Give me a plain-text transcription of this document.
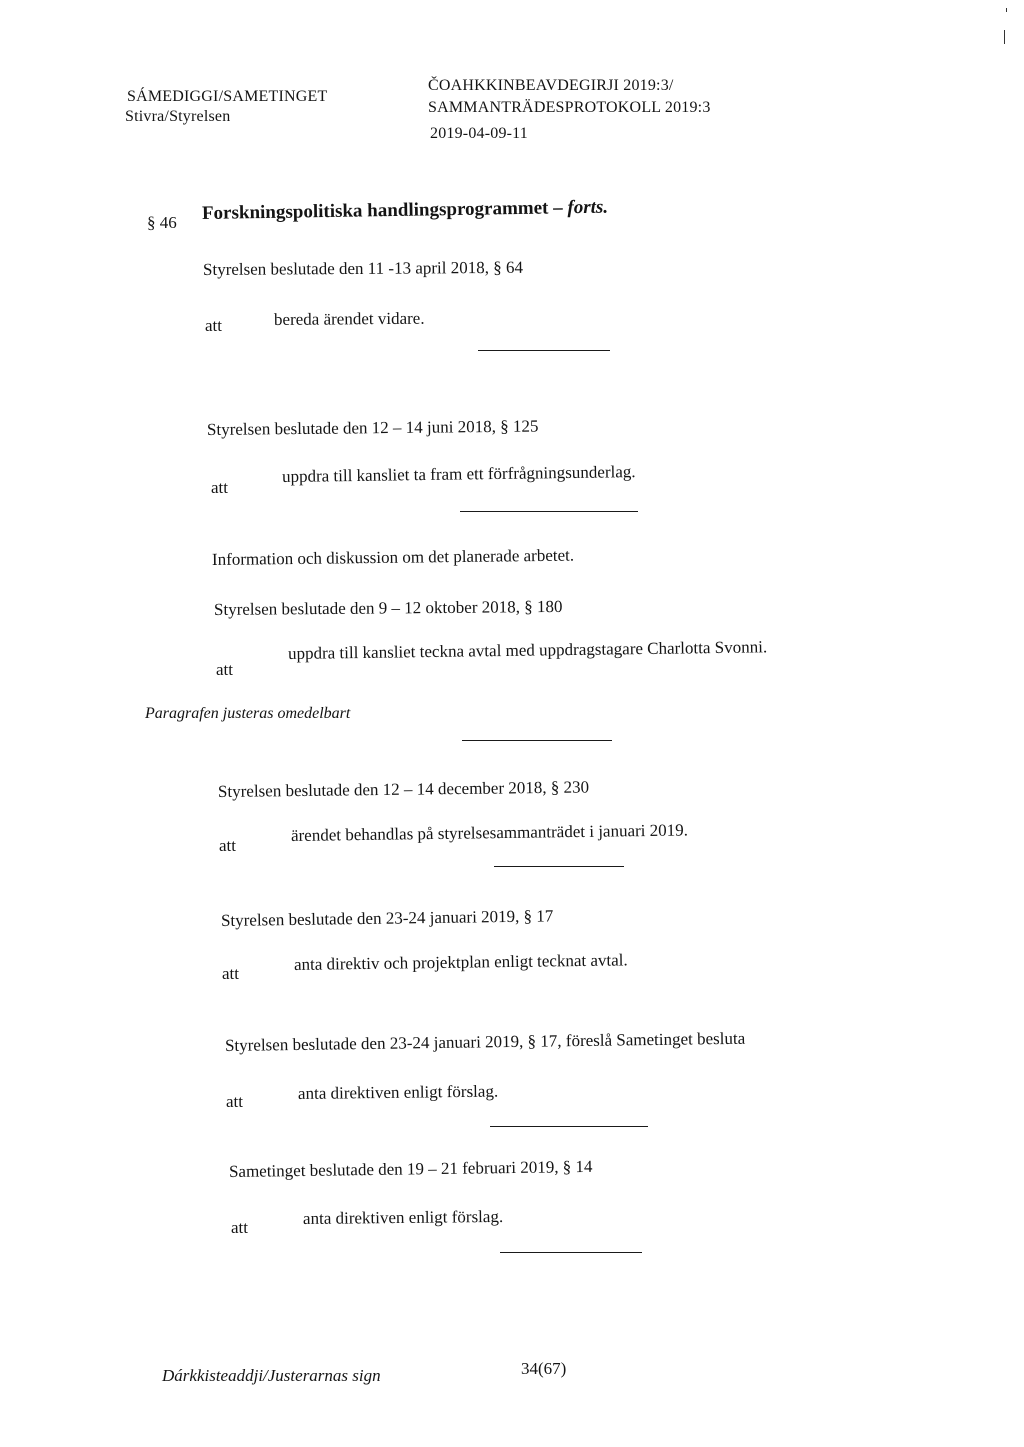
SÁMEDIGGI/SAMETINGET
Stivra/Styrelsen
ČOAHKKINBEAVDEGIRJI 2019:3/
SAMMANTRÄDESPROTOKOLL 2019:3
2019-04-09-11
§ 46 Forskningspolitiska handlingsprogrammet – forts.
Styrelsen beslutade den 11 -13 april 2018, § 64
att	bereda ärendet vidare.
Styrelsen beslutade den 12 – 14 juni 2018, § 125
att
uppdra till kansliet ta fram ett förfrågningsunderlag.
Information och diskussion om det planerade arbetet.
Styrelsen beslutade den 9 – 12 oktober 2018, § 180
att
uppdra till kansliet teckna avtal med uppdragstagare Charlotta Svonni.
Paragrafen justeras omedelbart
Styrelsen beslutade den 12 – 14 december 2018, § 230
att
ärendet behandlas på styrelsesammanträdet i januari 2019.
Styrelsen beslutade den 23-24 januari 2019, § 17
att	anta direktiv och projektplan enligt tecknat avtal.
Styrelsen beslutade den 23-24 januari 2019, § 17, föreslå Sametinget besluta
att	anta direktiven enligt förslag.
Sametinget beslutade den 19 – 21 februari 2019, § 14
att	anta direktiven enligt förslag.
Dárkkisteaddji/Justerarnas sign	34(67)
